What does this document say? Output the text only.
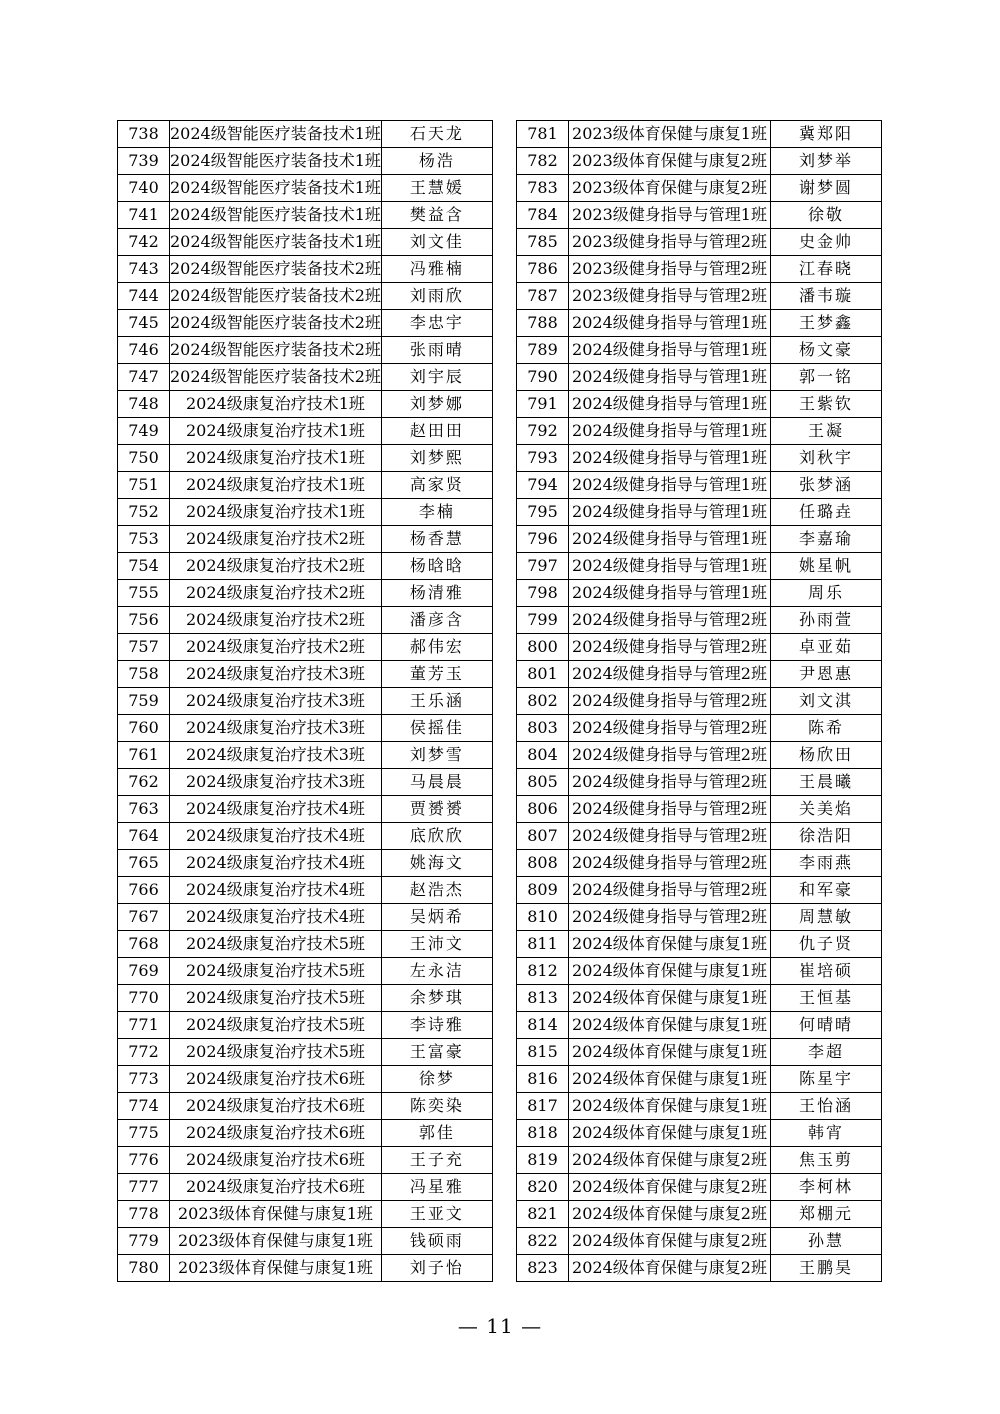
738	2024级智能医疗装备技术1班	石天龙
739	2024级智能医疗装备技术1班	杨浩
740	2024级智能医疗装备技术1班	王慧媛
741	2024级智能医疗装备技术1班	樊益含
742	2024级智能医疗装备技术1班	刘文佳
743	2024级智能医疗装备技术2班	冯雅楠
744	2024级智能医疗装备技术2班	刘雨欣
745	2024级智能医疗装备技术2班	李忠宇
746	2024级智能医疗装备技术2班	张雨晴
747	2024级智能医疗装备技术2班	刘宇辰
748	2024级康复治疗技术1班	刘梦娜
749	2024级康复治疗技术1班	赵田田
750	2024级康复治疗技术1班	刘梦熙
751	2024级康复治疗技术1班	高家贤
752	2024级康复治疗技术1班	李楠
753	2024级康复治疗技术2班	杨香慧
754	2024级康复治疗技术2班	杨晗晗
755	2024级康复治疗技术2班	杨清雅
756	2024级康复治疗技术2班	潘彦含
757	2024级康复治疗技术2班	郝伟宏
758	2024级康复治疗技术3班	董芳玉
759	2024级康复治疗技术3班	王乐涵
760	2024级康复治疗技术3班	侯摇佳
761	2024级康复治疗技术3班	刘梦雪
762	2024级康复治疗技术3班	马晨晨
763	2024级康复治疗技术4班	贾赟赟
764	2024级康复治疗技术4班	底欣欣
765	2024级康复治疗技术4班	姚海文
766	2024级康复治疗技术4班	赵浩杰
767	2024级康复治疗技术4班	吴炳希
768	2024级康复治疗技术5班	王沛文
769	2024级康复治疗技术5班	左永洁
770	2024级康复治疗技术5班	余梦琪
771	2024级康复治疗技术5班	李诗雅
772	2024级康复治疗技术5班	王富豪
773	2024级康复治疗技术6班	徐梦
774	2024级康复治疗技术6班	陈奕染
775	2024级康复治疗技术6班	郭佳
776	2024级康复治疗技术6班	王子充
777	2024级康复治疗技术6班	冯星雅
778	2023级体育保健与康复1班	王亚文
779	2023级体育保健与康复1班	钱硕雨
780	2023级体育保健与康复1班	刘子怡
781	2023级体育保健与康复1班	冀郑阳
782	2023级体育保健与康复2班	刘梦举
783	2023级体育保健与康复2班	谢梦圆
784	2023级健身指导与管理1班	徐敬
785	2023级健身指导与管理2班	史金帅
786	2023级健身指导与管理2班	江春晓
787	2023级健身指导与管理2班	潘韦璇
788	2024级健身指导与管理1班	王梦鑫
789	2024级健身指导与管理1班	杨文豪
790	2024级健身指导与管理1班	郭一铭
791	2024级健身指导与管理1班	王紫钦
792	2024级健身指导与管理1班	王凝
793	2024级健身指导与管理1班	刘秋宇
794	2024级健身指导与管理1班	张梦涵
795	2024级健身指导与管理1班	任璐垚
796	2024级健身指导与管理1班	李嘉瑜
797	2024级健身指导与管理1班	姚星帆
798	2024级健身指导与管理1班	周乐
799	2024级健身指导与管理2班	孙雨萱
800	2024级健身指导与管理2班	卓亚茹
801	2024级健身指导与管理2班	尹恩惠
802	2024级健身指导与管理2班	刘文淇
803	2024级健身指导与管理2班	陈希
804	2024级健身指导与管理2班	杨欣田
805	2024级健身指导与管理2班	王晨曦
806	2024级健身指导与管理2班	关美焰
807	2024级健身指导与管理2班	徐浩阳
808	2024级健身指导与管理2班	李雨燕
809	2024级健身指导与管理2班	和军豪
810	2024级健身指导与管理2班	周慧敏
811	2024级体育保健与康复1班	仇子贤
812	2024级体育保健与康复1班	崔培硕
813	2024级体育保健与康复1班	王恒基
814	2024级体育保健与康复1班	何晴晴
815	2024级体育保健与康复1班	李超
816	2024级体育保健与康复1班	陈星宇
817	2024级体育保健与康复1班	王怡涵
818	2024级体育保健与康复1班	韩宵
819	2024级体育保健与康复2班	焦玉剪
820	2024级体育保健与康复2班	李柯林
821	2024级体育保健与康复2班	郑棚元
822	2024级体育保健与康复2班	孙慧
823	2024级体育保健与康复2班	王鹏昊
— 11 —
